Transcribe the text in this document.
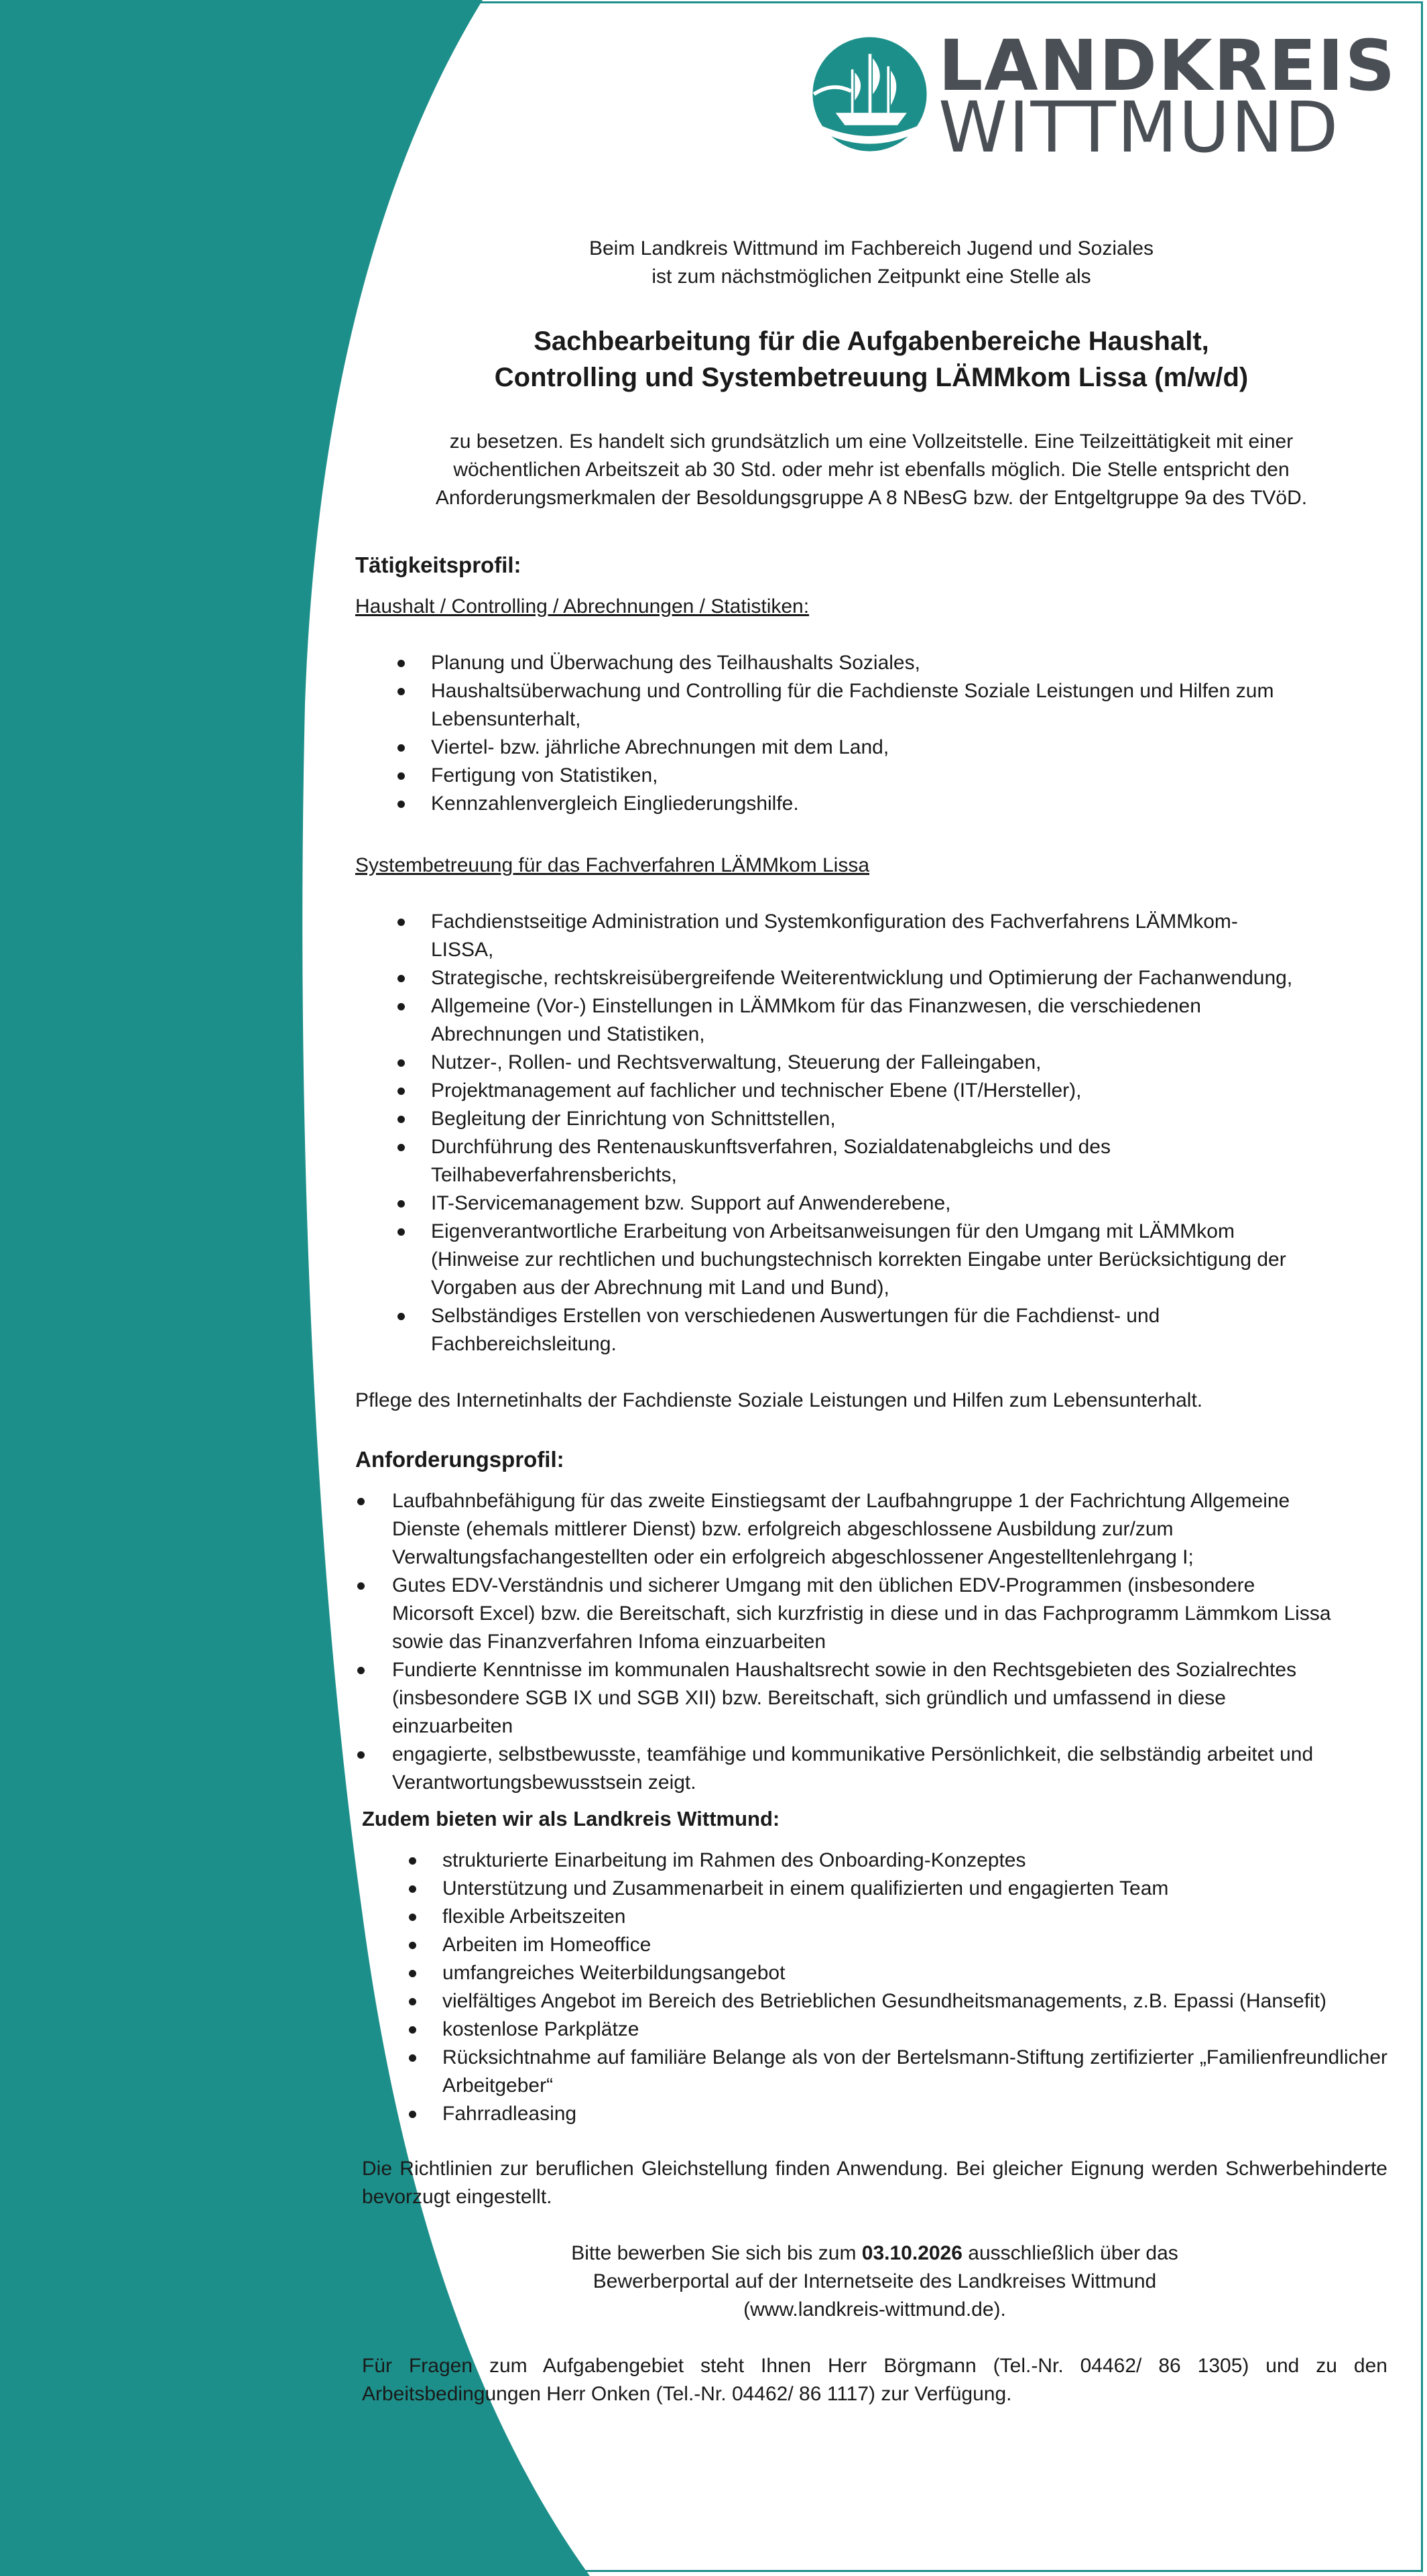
LANDKREIS
WITTMUND
Beim Landkreis Wittmund im Fachbereich Jugend und Soziales
ist zum nächstmöglichen Zeitpunkt eine Stelle als
Sachbearbeitung für die Aufgabenbereiche Haushalt,
Controlling und Systembetreuung LÄMMkom Lissa (m/w/d)
zu besetzen. Es handelt sich grundsätzlich um eine Vollzeitstelle. Eine Teilzeittätigkeit mit einer
wöchentlichen Arbeitszeit ab 30 Std. oder mehr ist ebenfalls möglich. Die Stelle entspricht den
Anforderungsmerkmalen der Besoldungsgruppe A 8 NBesG bzw. der Entgeltgruppe 9a des TVöD.
Tätigkeitsprofil:
Haushalt / Controlling / Abrechnungen / Statistiken:
Planung und Überwachung des Teilhaushalts Soziales,
Haushaltsüberwachung und Controlling für die Fachdienste Soziale Leistungen und Hilfen zum Lebensunterhalt,
Viertel- bzw. jährliche Abrechnungen mit dem Land,
Fertigung von Statistiken,
Kennzahlenvergleich Eingliederungshilfe.
Systembetreuung für das Fachverfahren LÄMMkom Lissa
Fachdienstseitige Administration und Systemkonfiguration des Fachverfahrens LÄMMkom-LISSA,
Strategische, rechtskreisübergreifende Weiterentwicklung und Optimierung der Fachanwendung,
Allgemeine (Vor-) Einstellungen in LÄMMkom für das Finanzwesen, die verschiedenen Abrechnungen und Statistiken,
Nutzer-, Rollen- und Rechtsverwaltung, Steuerung der Falleingaben,
Projektmanagement auf fachlicher und technischer Ebene (IT/Hersteller),
Begleitung der Einrichtung von Schnittstellen,
Durchführung des Rentenauskunftsverfahren, Sozialdatenabgleichs und des Teilhabeverfahrensberichts,
IT-Servicemanagement bzw. Support auf Anwenderebene,
Eigenverantwortliche Erarbeitung von Arbeitsanweisungen für den Umgang mit LÄMMkom (Hinweise zur rechtlichen und buchungstechnisch korrekten Eingabe unter Berücksichtigung der Vorgaben aus der Abrechnung mit Land und Bund),
Selbständiges Erstellen von verschiedenen Auswertungen für die Fachdienst- und Fachbereichsleitung.
Pflege des Internetinhalts der Fachdienste Soziale Leistungen und Hilfen zum Lebensunterhalt.
Anforderungsprofil:
Laufbahnbefähigung für das zweite Einstiegsamt der Laufbahngruppe 1 der Fachrichtung Allgemeine Dienste (ehemals mittlerer Dienst) bzw. erfolgreich abgeschlossene Ausbildung zur/zum Verwaltungsfachangestellten oder ein erfolgreich abgeschlossener Angestelltenlehrgang I;
Gutes EDV-Verständnis und sicherer Umgang mit den üblichen EDV-Programmen (insbesondere Micorsoft Excel) bzw. die Bereitschaft, sich kurzfristig in diese und in das Fachprogramm Lämmkom Lissa sowie das Finanzverfahren Infoma einzuarbeiten
Fundierte Kenntnisse im kommunalen Haushaltsrecht sowie in den Rechtsgebieten des Sozialrechtes (insbesondere SGB IX und SGB XII) bzw. Bereitschaft, sich gründlich und umfassend in diese einzuarbeiten
engagierte, selbstbewusste, teamfähige und kommunikative Persönlichkeit, die selbständig arbeitet und Verantwortungsbewusstsein zeigt.
Zudem bieten wir als Landkreis Wittmund:
strukturierte Einarbeitung im Rahmen des Onboarding-Konzeptes
Unterstützung und Zusammenarbeit in einem qualifizierten und engagierten Team
flexible Arbeitszeiten
Arbeiten im Homeoffice
umfangreiches Weiterbildungsangebot
vielfältiges Angebot im Bereich des Betrieblichen Gesundheitsmanagements, z.B. Epassi (Hansefit)
kostenlose Parkplätze
Rücksichtnahme auf familiäre Belange als von der Bertelsmann-Stiftung zertifizierter „Familienfreundlicher Arbeitgeber“
Fahrradleasing
Die Richtlinien zur beruflichen Gleichstellung finden Anwendung. Bei gleicher Eignung werden Schwerbehinderte bevorzugt eingestellt.
Bitte bewerben Sie sich bis zum 03.10.2026 ausschließlich über das
Bewerberportal auf der Internetseite des Landkreises Wittmund
(www.landkreis-wittmund.de).
Für Fragen zum Aufgabengebiet steht Ihnen Herr Börgmann (Tel.-Nr. 04462/ 86 1305) und zu den Arbeitsbedingungen Herr Onken (Tel.-Nr. 04462/ 86 1117) zur Verfügung.
